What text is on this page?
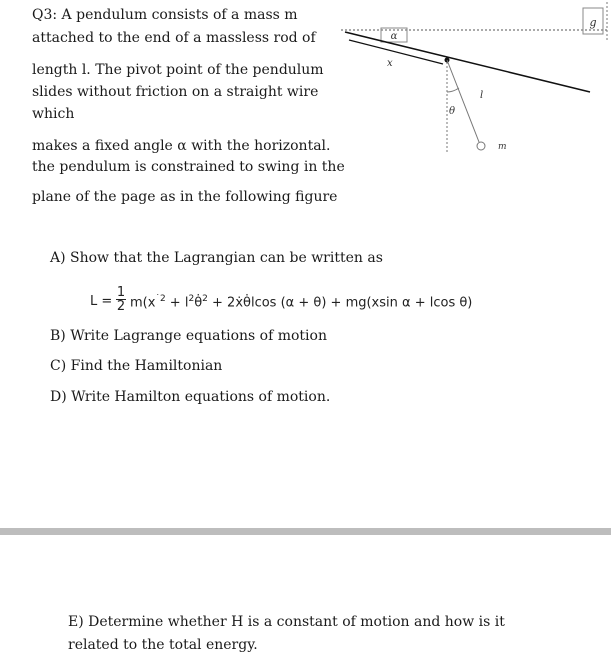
Q3: A pendulum consists of a mass m
attached to the end of a massless rod of
length l. The pivot point of the pendulum
slides without friction on a straight wire
which
makes a fixed angle α with the horizontal.
the pendulum is constrained to swing in the
plane of the page as in the following figure
g
α
x
θ
l
m
A) Show that the Lagrangian can be written as
$L = \frac{1}{2} m(x^{˙2}$ + $l^2\thetȧ^2$ + 2ẋθ̇lcos (α + θ) + mg(xsin α + lcos θ)
B) Write Lagrange equations of motion
C) Find the Hamiltonian
D) Write Hamilton equations of motion.
E) Determine whether H is a constant of motion and how is it
related to the total energy.
